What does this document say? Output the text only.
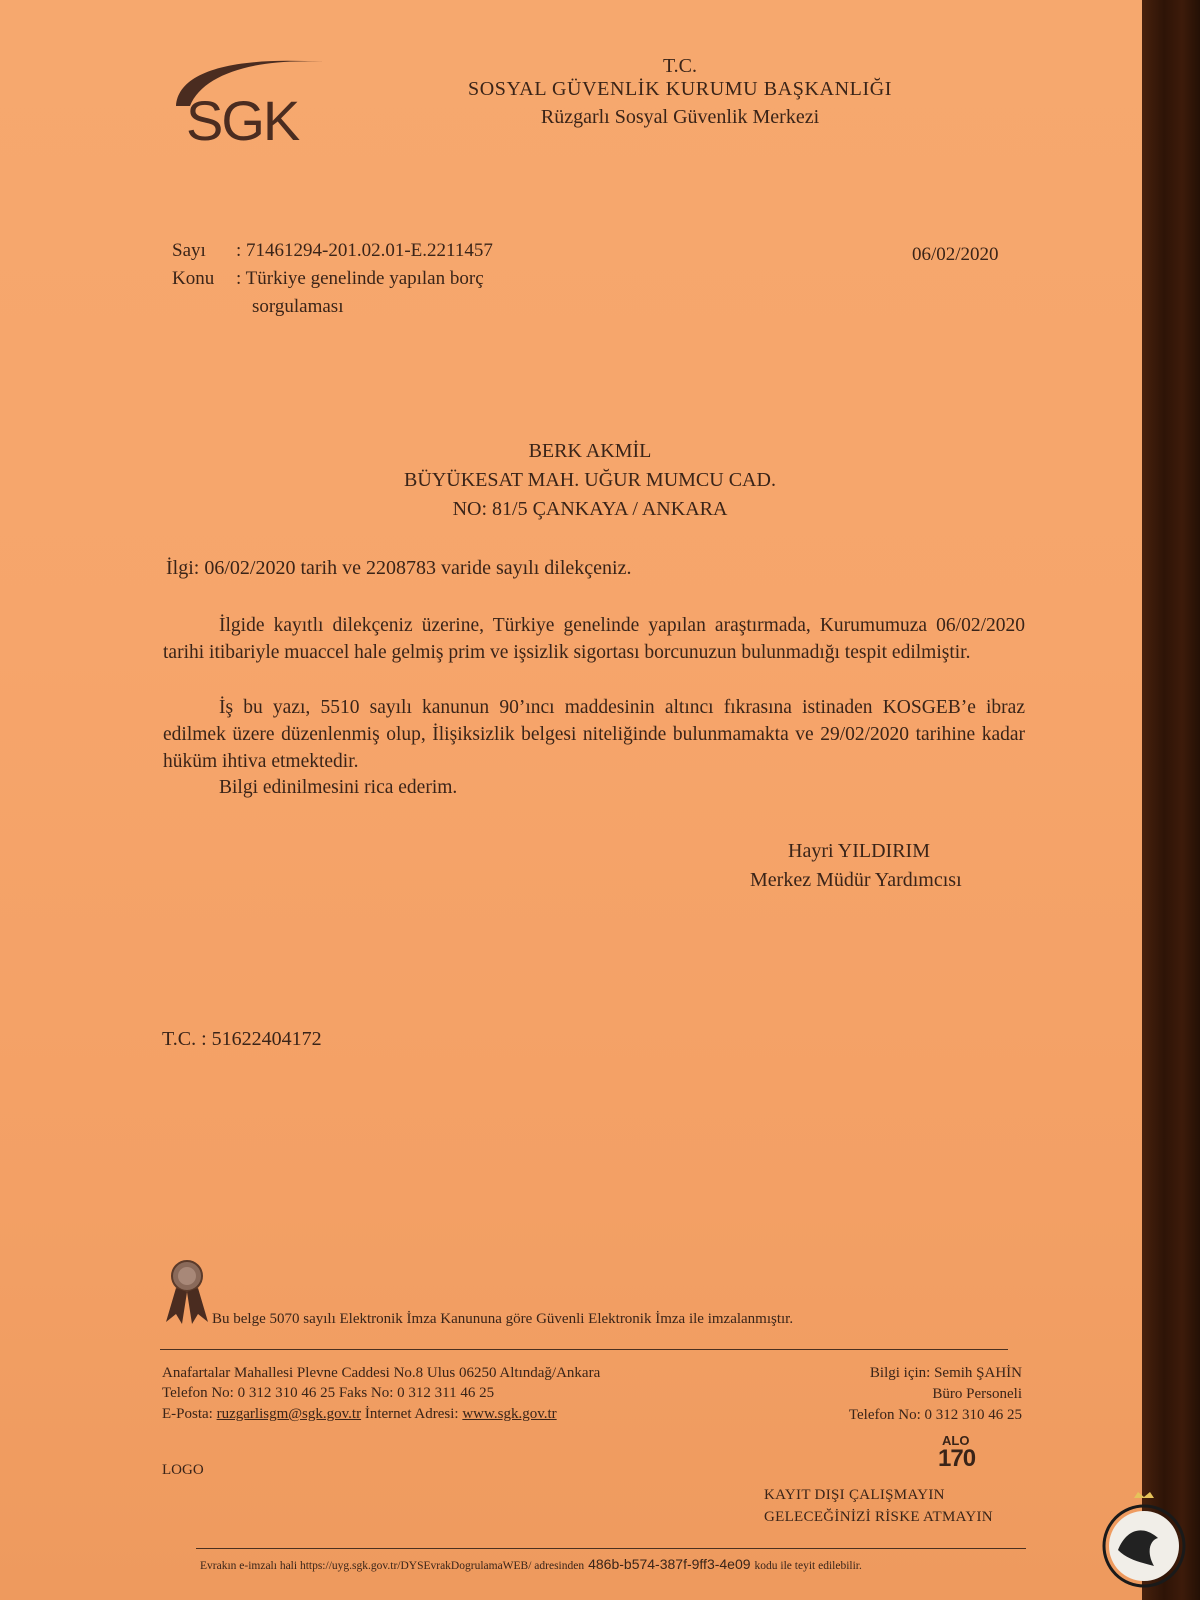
SGK
T.C.
SOSYAL GÜVENLİK KURUMU BAŞKANLIĞI
Rüzgarlı Sosyal Güvenlik Merkezi
Sayı : 71461294-201.02.01-E.2211457
Konu : Türkiye genelinde yapılan borç
sorgulaması
06/02/2020
BERK AKMİL
BÜYÜKESAT MAH. UĞUR MUMCU CAD.
NO: 81/5 ÇANKAYA / ANKARA
İlgi: 06/02/2020 tarih ve 2208783 varide sayılı dilekçeniz.
İlgide kayıtlı dilekçeniz üzerine, Türkiye genelinde yapılan araştırmada, Kurumumuza 06/02/2020 tarihi itibariyle muaccel hale gelmiş prim ve işsizlik sigortası borcunuzun bulunmadığı tespit edilmiştir.
İş bu yazı, 5510 sayılı kanunun 90’ıncı maddesinin altıncı fıkrasına istinaden KOSGEB’e ibraz edilmek üzere düzenlenmiş olup, İlişiksizlik belgesi niteliğinde bulunmamakta ve 29/02/2020 tarihine kadar hüküm ihtiva etmektedir.
Bilgi edinilmesini rica ederim.
Hayri YILDIRIM
Merkez Müdür Yardımcısı
T.C. : 51622404172
Bu belge 5070 sayılı Elektronik İmza Kanununa göre Güvenli Elektronik İmza ile imzalanmıştır.
Anafartalar Mahallesi Plevne Caddesi No.8 Ulus 06250 Altındağ/Ankara
Telefon No: 0 312 310 46 25 Faks No: 0 312 311 46 25
E-Posta: ruzgarlisgm@sgk.gov.tr İnternet Adresi: www.sgk.gov.tr
LOGO
Bilgi için: Semih ŞAHİN
Büro Personeli
Telefon No: 0 312 310 46 25
ALO
170
KAYIT DIŞI ÇALIŞMAYIN
GELECEĞİNİZİ RİSKE ATMAYIN
Evrakın e-imzalı hali https://uyg.sgk.gov.tr/DYSEvrakDogrulamaWEB/ adresinden 486b-b574-387f-9ff3-4e09 kodu ile teyit edilebilir.
